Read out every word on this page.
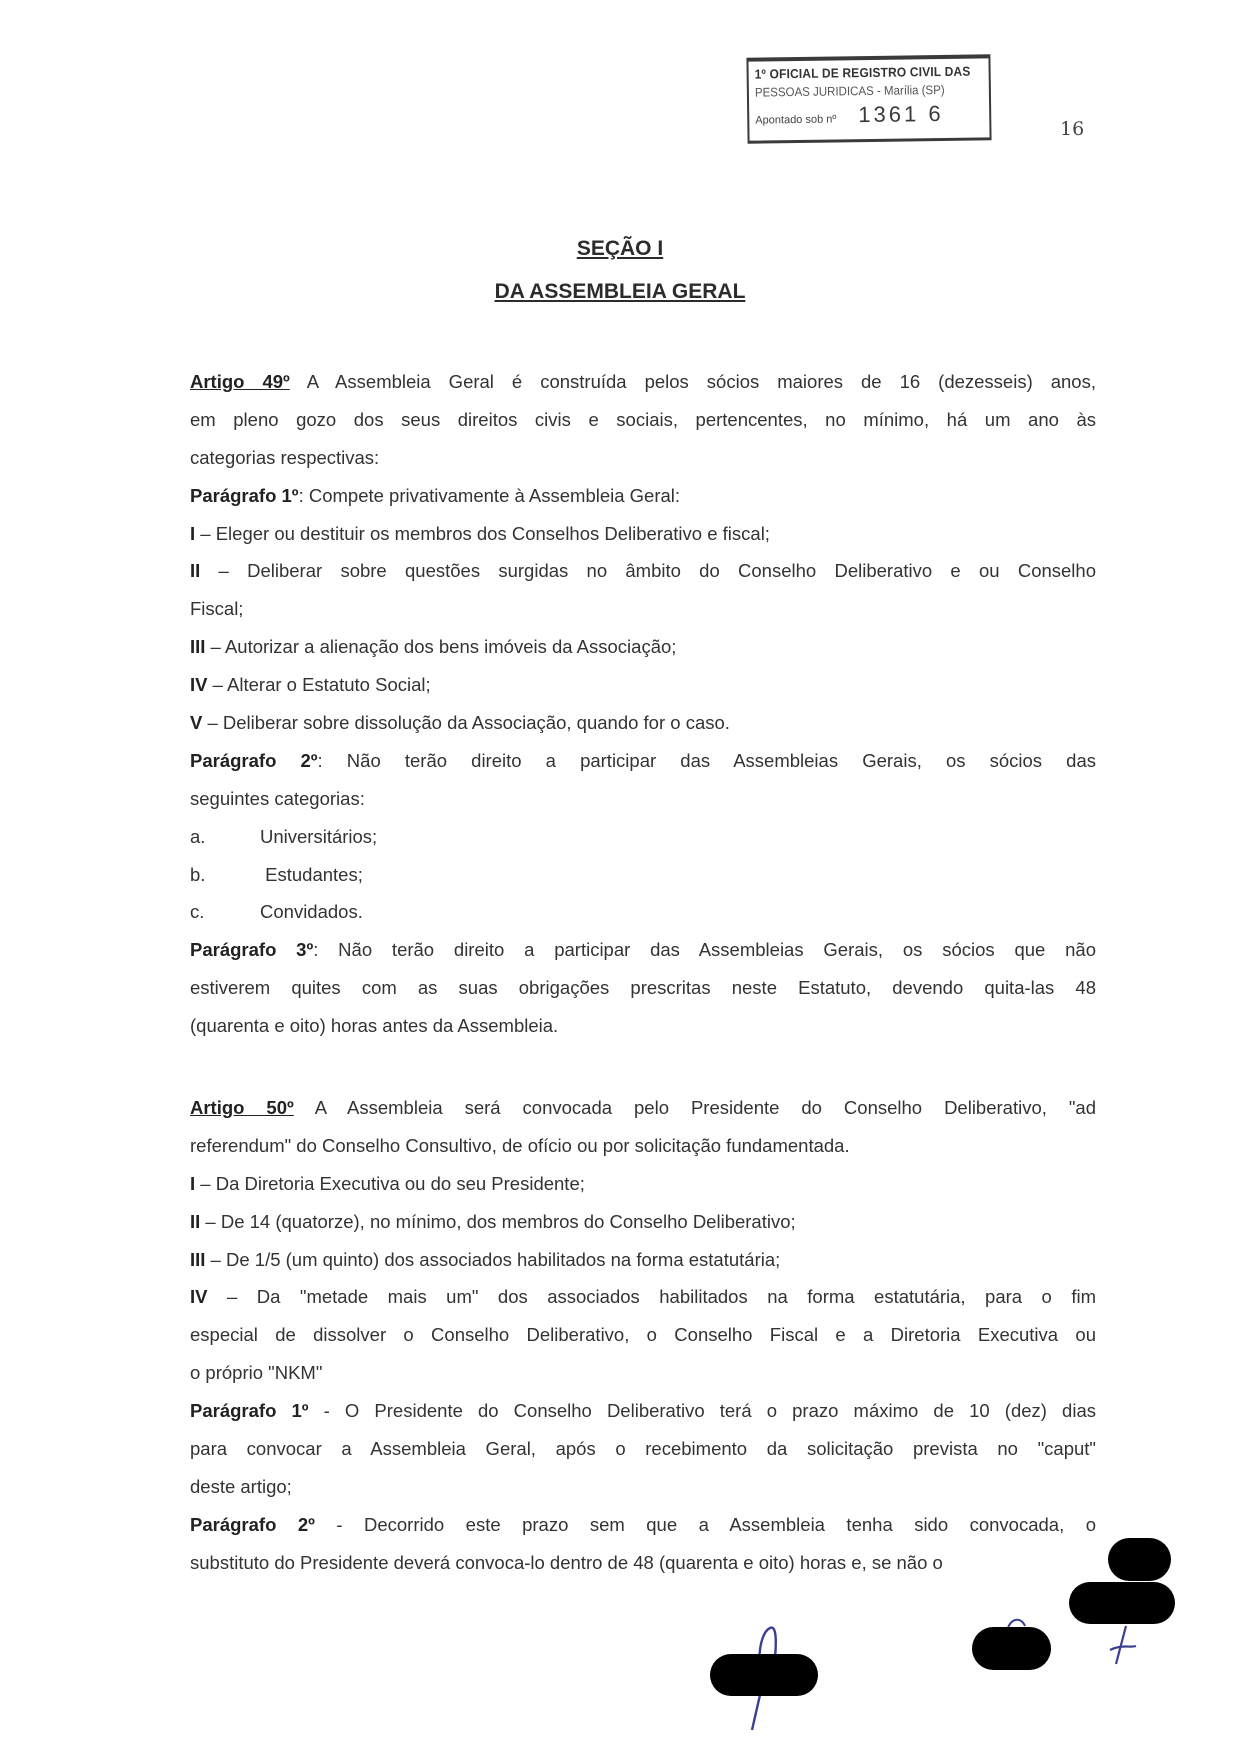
1º OFICIAL DE REGISTRO CIVIL DAS
PESSOAS JURIDICAS - Marília (SP)
Apontado sob nº 1361 6
16
SEÇÃO I
DA ASSEMBLEIA GERAL
Artigo 49º A Assembleia Geral é construída pelos sócios maiores de 16 (dezesseis) anos,
em pleno gozo dos seus direitos civis e sociais, pertencentes, no mínimo, há um ano às
categorias respectivas:
Parágrafo 1º: Compete privativamente à Assembleia Geral:
I – Eleger ou destituir os membros dos Conselhos Deliberativo e fiscal;
II – Deliberar sobre questões surgidas no âmbito do Conselho Deliberativo e ou Conselho
Fiscal;
III – Autorizar a alienação dos bens imóveis da Associação;
IV – Alterar o Estatuto Social;
V – Deliberar sobre dissolução da Associação, quando for o caso.
Parágrafo 2º: Não terão direito a participar das Assembleias Gerais, os sócios das
seguintes categorias:
a.	Universitários;
b.	Estudantes;
c.	Convidados.
Parágrafo 3º: Não terão direito a participar das Assembleias Gerais, os sócios que não
estiverem quites com as suas obrigações prescritas neste Estatuto, devendo quita-las 48
(quarenta e oito) horas antes da Assembleia.
Artigo 50º A Assembleia será convocada pelo Presidente do Conselho Deliberativo, "ad
referendum" do Conselho Consultivo, de ofício ou por solicitação fundamentada.
I – Da Diretoria Executiva ou do seu Presidente;
II – De 14 (quatorze), no mínimo, dos membros do Conselho Deliberativo;
III – De 1/5 (um quinto) dos associados habilitados na forma estatutária;
IV – Da "metade mais um" dos associados habilitados na forma estatutária, para o fim
especial de dissolver o Conselho Deliberativo, o Conselho Fiscal e a Diretoria Executiva ou
o próprio "NKM"
Parágrafo 1º - O Presidente do Conselho Deliberativo terá o prazo máximo de 10 (dez) dias
para convocar a Assembleia Geral, após o recebimento da solicitação prevista no "caput"
deste artigo;
Parágrafo 2º - Decorrido este prazo sem que a Assembleia tenha sido convocada, o
substituto do Presidente deverá convoca-lo dentro de 48 (quarenta e oito) horas e, se não o
